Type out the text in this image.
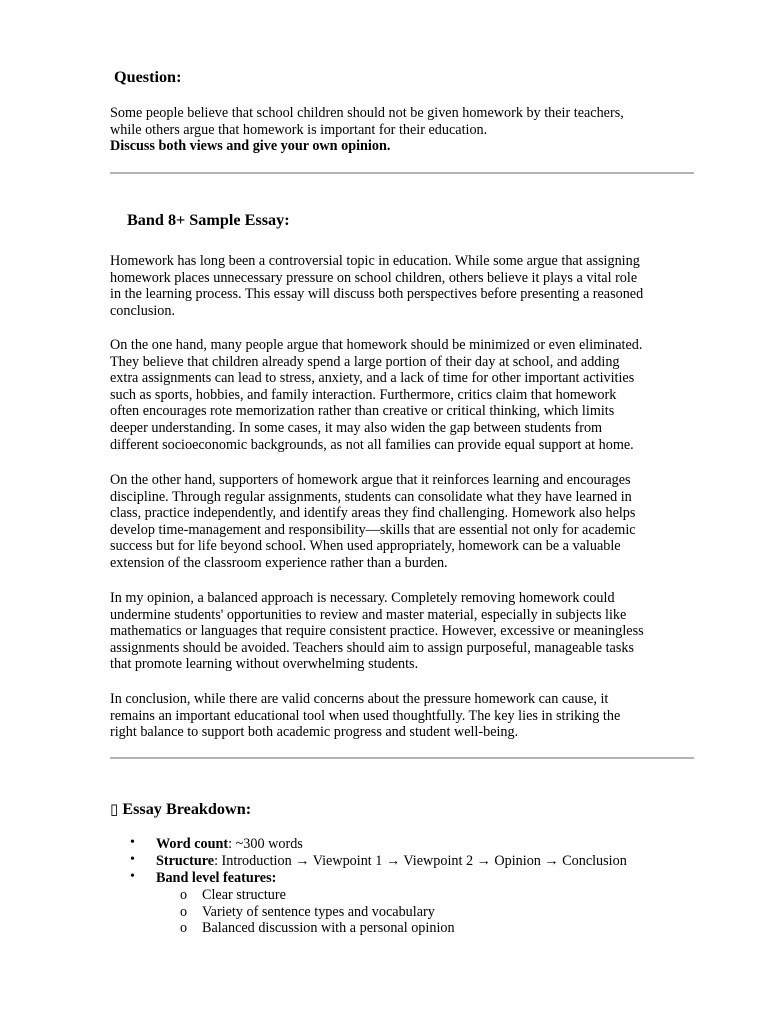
Question:
Some people believe that school children should not be given homework by their teachers,
while others argue that homework is important for their education.
Discuss both views and give your own opinion.
Band 8+ Sample Essay:
Homework has long been a controversial topic in education. While some argue that assigning
homework places unnecessary pressure on school children, others believe it plays a vital role
in the learning process. This essay will discuss both perspectives before presenting a reasoned
conclusion.
On the one hand, many people argue that homework should be minimized or even eliminated.
They believe that children already spend a large portion of their day at school, and adding
extra assignments can lead to stress, anxiety, and a lack of time for other important activities
such as sports, hobbies, and family interaction. Furthermore, critics claim that homework
often encourages rote memorization rather than creative or critical thinking, which limits
deeper understanding. In some cases, it may also widen the gap between students from
different socioeconomic backgrounds, as not all families can provide equal support at home.
On the other hand, supporters of homework argue that it reinforces learning and encourages
discipline. Through regular assignments, students can consolidate what they have learned in
class, practice independently, and identify areas they find challenging. Homework also helps
develop time-management and responsibility—skills that are essential not only for academic
success but for life beyond school. When used appropriately, homework can be a valuable
extension of the classroom experience rather than a burden.
In my opinion, a balanced approach is necessary. Completely removing homework could
undermine students' opportunities to review and master material, especially in subjects like
mathematics or languages that require consistent practice. However, excessive or meaningless
assignments should be avoided. Teachers should aim to assign purposeful, manageable tasks
that promote learning without overwhelming students.
In conclusion, while there are valid concerns about the pressure homework can cause, it
remains an important educational tool when used thoughtfully. The key lies in striking the
right balance to support both academic progress and student well-being.
▯ Essay Breakdown:
• Word count: ~300 words
• Structure: Introduction → Viewpoint 1 → Viewpoint 2 → Opinion → Conclusion
• Band level features:
o Clear structure
o Variety of sentence types and vocabulary
o Balanced discussion with a personal opinion
